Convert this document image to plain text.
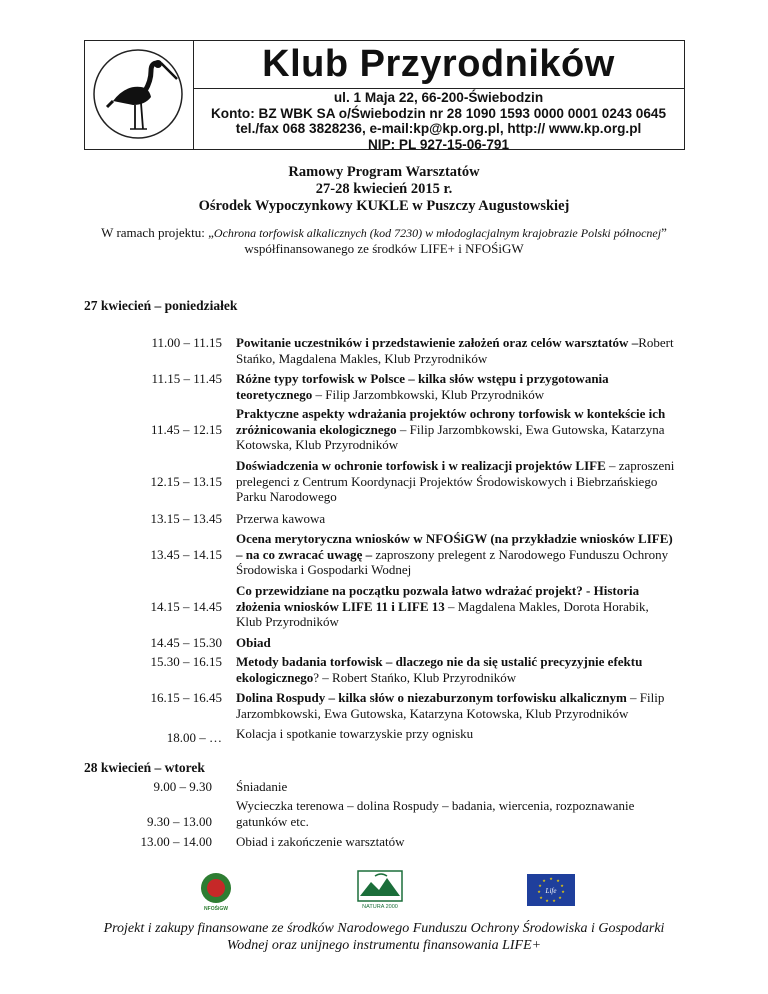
Klub Przyrodników
ul. 1 Maja 22, 66-200-Świebodzin
Konto: BZ WBK SA o/Świebodzin nr 28 1090 1593 0000 0001 0243 0645
tel./fax 068 3828236, e-mail:kp@kp.org.pl, http:// www.kp.org.pl
NIP: PL 927-15-06-791
Ramowy Program Warsztatów
27-28 kwiecień 2015 r.
Ośrodek Wypoczynkowy KUKLE w Puszczy Augustowskiej
W ramach projektu: „Ochrona torfowisk alkalicznych (kod 7230) w młodoglacjalnym krajobrazie Polski północnej”
współfinansowanego ze środków LIFE+ i NFOŚiGW
27 kwiecień – poniedziałek
11.00 – 11.15 Powitanie uczestników i przedstawienie założeń oraz celów warsztatów –Robert Stańko, Magdalena Makles, Klub Przyrodników
11.15 – 11.45 Różne typy torfowisk w Polsce – kilka słów wstępu i przygotowania teoretycznego – Filip Jarzombkowski, Klub Przyrodników
11.45 – 12.15
Praktyczne aspekty wdrażania projektów ochrony torfowisk w kontekście ich zróżnicowania ekologicznego – Filip Jarzombkowski, Ewa Gutowska, Katarzyna Kotowska, Klub Przyrodników
12.15 – 13.15
Doświadczenia w ochronie torfowisk i w realizacji projektów LIFE – zaproszeni prelegenci z Centrum Koordynacji Projektów Środowiskowych i Biebrzańskiego Parku Narodowego
13.15 – 13.45 Przerwa kawowa
13.45 – 14.15
Ocena merytoryczna wniosków w NFOŚiGW (na przykładzie wniosków LIFE) – na co zwracać uwagę – zaproszony prelegent z Narodowego Funduszu Ochrony Środowiska i Gospodarki Wodnej
14.15 – 14.45
Co przewidziane na początku pozwala łatwo wdrażać projekt? - Historia złożenia wniosków LIFE 11 i LIFE 13 – Magdalena Makles, Dorota Horabik, Klub Przyrodników
14.45 – 15.30 Obiad
15.30 – 16.15 Metody badania torfowisk – dlaczego nie da się ustalić precyzyjnie efektu ekologicznego? – Robert Stańko, Klub Przyrodników
16.15 – 16.45 Dolina Rospudy – kilka słów o niezaburzonym torfowisku alkalicznym – Filip Jarzombkowski, Ewa Gutowska, Katarzyna Kotowska, Klub Przyrodników
18.00 – … Kolacja i spotkanie towarzyskie przy ognisku
28 kwiecień – wtorek
9.00 – 9.30 Śniadanie
9.30 – 13.00
Wycieczka terenowa – dolina Rospudy – badania, wiercenia, rozpoznawanie gatunków etc.
13.00 – 14.00 Obiad i zakończenie warsztatów
NFOŚiGW	NATURA 2000
★ ★
★
★
★
★
★
★
★
★
★
Life
Projekt i zakupy finansowane ze środków Narodowego Funduszu Ochrony Środowiska i Gospodarki
Wodnej oraz unijnego instrumentu finansowania LIFE+
